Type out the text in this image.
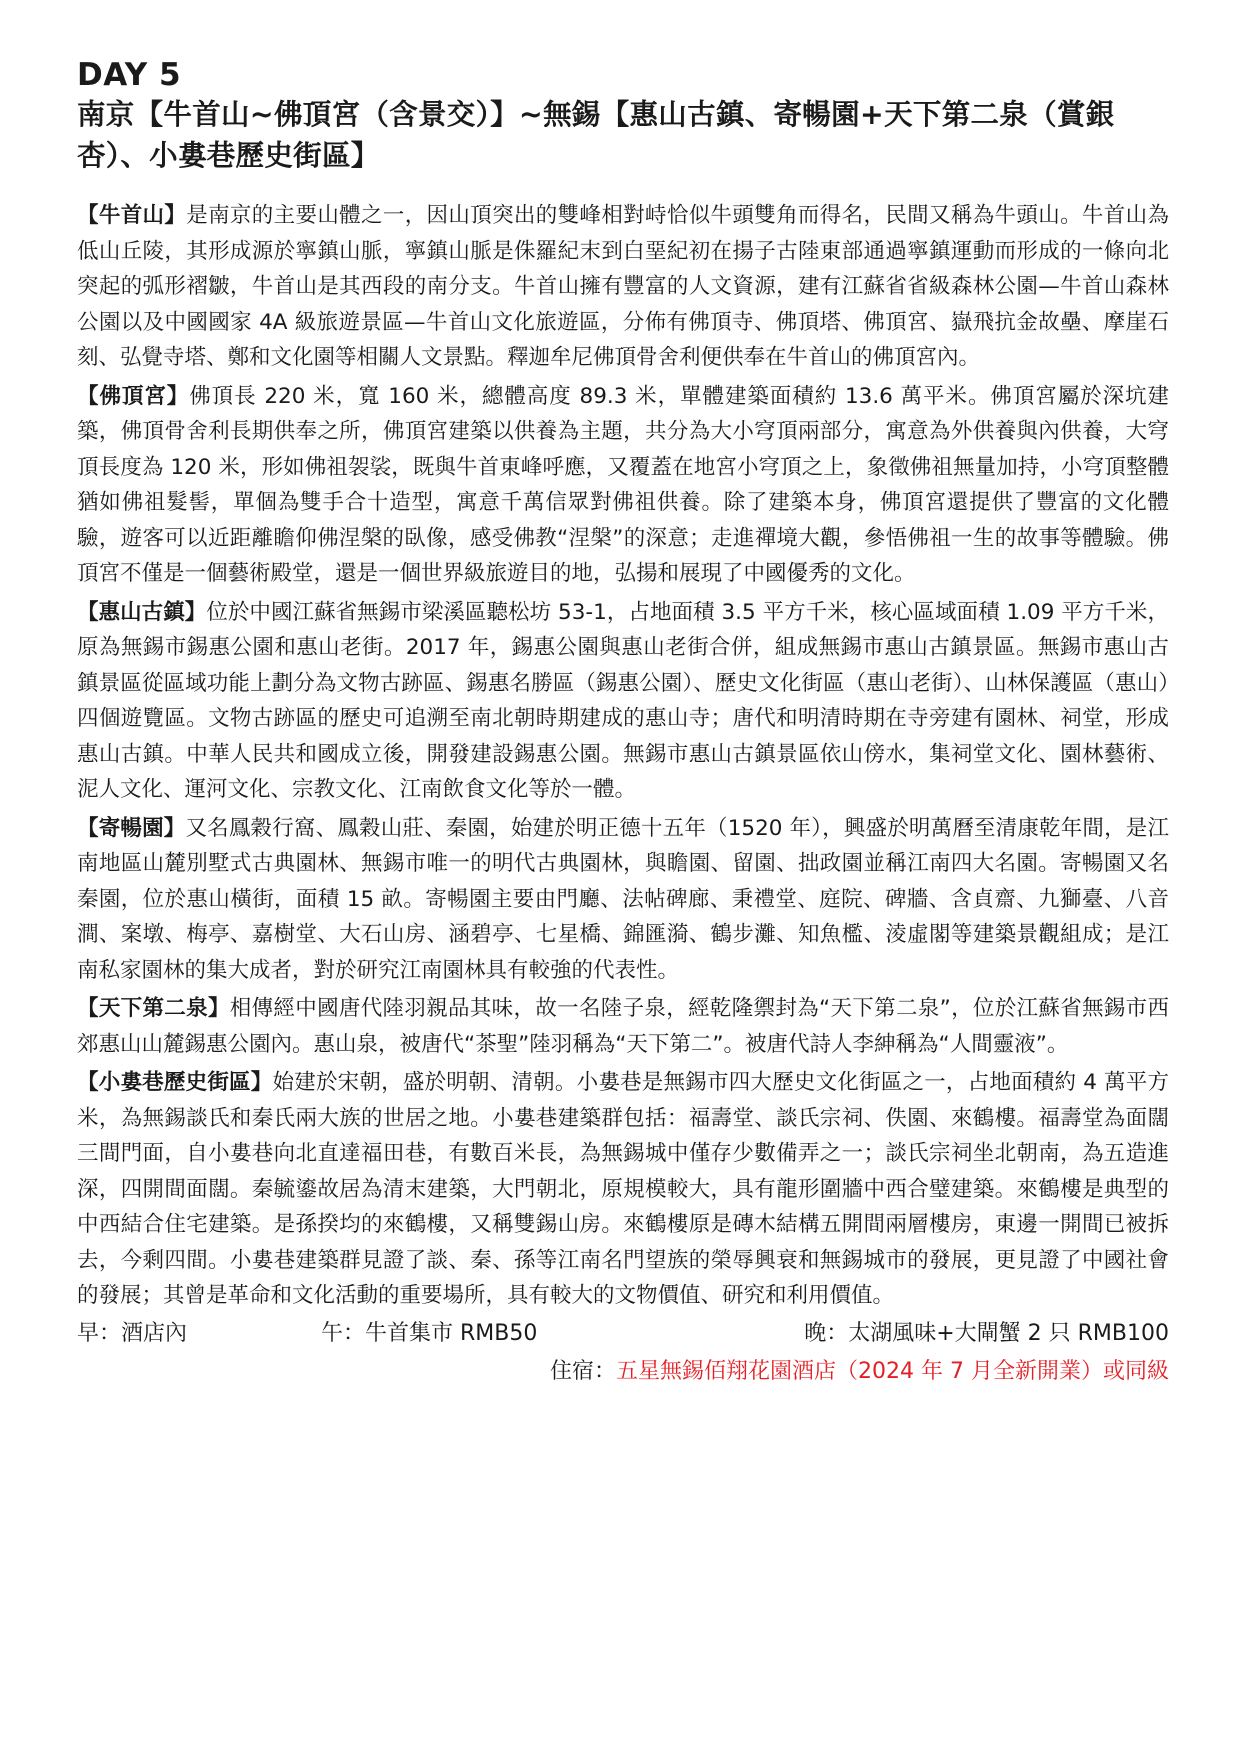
DAY 5
南京【牛首山~佛頂宮（含景交）】~無錫【惠山古鎮、寄暢園+天下第二泉（賞銀杏）、小婁巷歷史街區】

【牛首山】是南京的主要山體之一，因山頂突出的雙峰相對峙恰似牛頭雙角而得名，民間又稱為牛頭山。牛首山為低山丘陵，其形成源於寧鎮山脈，寧鎮山脈是侏羅紀末到白堊紀初在揚子古陸東部通過寧鎮運動而形成的一條向北突起的弧形褶皺，牛首山是其西段的南分支。牛首山擁有豐富的人文資源，建有江蘇省省級森林公園—牛首山森林公園以及中國國家 4A 級旅遊景區—牛首山文化旅遊區，分佈有佛頂寺、佛頂塔、佛頂宮、嶽飛抗金故壘、摩崖石刻、弘覺寺塔、鄭和文化園等相關人文景點。釋迦牟尼佛頂骨舍利便供奉在牛首山的佛頂宮內。

【佛頂宮】佛頂長 220 米，寬 160 米，總體高度 89.3 米，單體建築面積約 13.6 萬平米。佛頂宮屬於深坑建築，佛頂骨舍利長期供奉之所，佛頂宮建築以供養為主題，共分為大小穹頂兩部分，寓意為外供養與內供養，大穹頂長度為 120 米，形如佛祖袈裟，既與牛首東峰呼應，又覆蓋在地宮小穹頂之上，象徵佛祖無量加持，小穹頂整體猶如佛祖髮髻，單個為雙手合十造型，寓意千萬信眾對佛祖供養。除了建築本身，佛頂宮還提供了豐富的文化體驗，遊客可以近距離瞻仰佛涅槃的臥像，感受佛教“涅槃”的深意；走進禪境大觀，參悟佛祖一生的故事等體驗。佛頂宮不僅是一個藝術殿堂，還是一個世界級旅遊目的地，弘揚和展現了中國優秀的文化。

【惠山古鎮】位於中國江蘇省無錫市梁溪區聽松坊 53-1，占地面積 3.5 平方千米，核心區域面積 1.09 平方千米，原為無錫市錫惠公園和惠山老街。2017 年，錫惠公園與惠山老街合併，組成無錫市惠山古鎮景區。無錫市惠山古鎮景區從區域功能上劃分為文物古跡區、錫惠名勝區（錫惠公園）、歷史文化街區（惠山老街）、山林保護區（惠山）四個遊覽區。文物古跡區的歷史可追溯至南北朝時期建成的惠山寺；唐代和明清時期在寺旁建有園林、祠堂，形成惠山古鎮。中華人民共和國成立後，開發建設錫惠公園。無錫市惠山古鎮景區依山傍水，集祠堂文化、園林藝術、泥人文化、運河文化、宗教文化、江南飲食文化等於一體。

【寄暢園】又名鳳穀行窩、鳳穀山莊、秦園，始建於明正德十五年（1520 年），興盛於明萬曆至清康乾年間，是江南地區山麓別墅式古典園林、無錫市唯一的明代古典園林，與瞻園、留園、拙政園並稱江南四大名園。寄暢園又名秦園，位於惠山橫街，面積 15 畝。寄暢園主要由門廳、法帖碑廊、秉禮堂、庭院、碑牆、含貞齋、九獅臺、八音澗、案墩、梅亭、嘉樹堂、大石山房、涵碧亭、七星橋、錦匯漪、鶴步灘、知魚檻、淩虛閣等建築景觀組成；是江南私家園林的集大成者，對於研究江南園林具有較強的代表性。

【天下第二泉】相傳經中國唐代陸羽親品其味，故一名陸子泉，經乾隆禦封為“天下第二泉”，位於江蘇省無錫市西郊惠山山麓錫惠公園內。惠山泉，被唐代“茶聖”陸羽稱為“天下第二”。被唐代詩人李紳稱為“人間靈液”。

【小婁巷歷史街區】始建於宋朝，盛於明朝、清朝。小婁巷是無錫市四大歷史文化街區之一，占地面積約 4 萬平方米，為無錫談氏和秦氏兩大族的世居之地。小婁巷建築群包括：福壽堂、談氏宗祠、佚園、來鶴樓。福壽堂為面闊三間門面，自小婁巷向北直達福田巷，有數百米長，為無錫城中僅存少數備弄之一；談氏宗祠坐北朝南，為五造進深，四開間面闊。秦毓鎏故居為清末建築，大門朝北，原規模較大，具有龍形圍牆中西合璧建築。來鶴樓是典型的中西結合住宅建築。是孫揆均的來鶴樓，又稱雙錫山房。來鶴樓原是磚木結構五開間兩層樓房，東邊一開間已被拆去，今剩四間。小婁巷建築群見證了談、秦、孫等江南名門望族的榮辱興衰和無錫城市的發展，更見證了中國社會的發展；其曾是革命和文化活動的重要場所，具有較大的文物價值、研究和利用價值。

早：酒店內	午：牛首集市 RMB50	晚：太湖風味+大閘蟹 2 只 RMB100
住宿：五星無錫佰翔花園酒店（2024 年 7 月全新開業）或同級
